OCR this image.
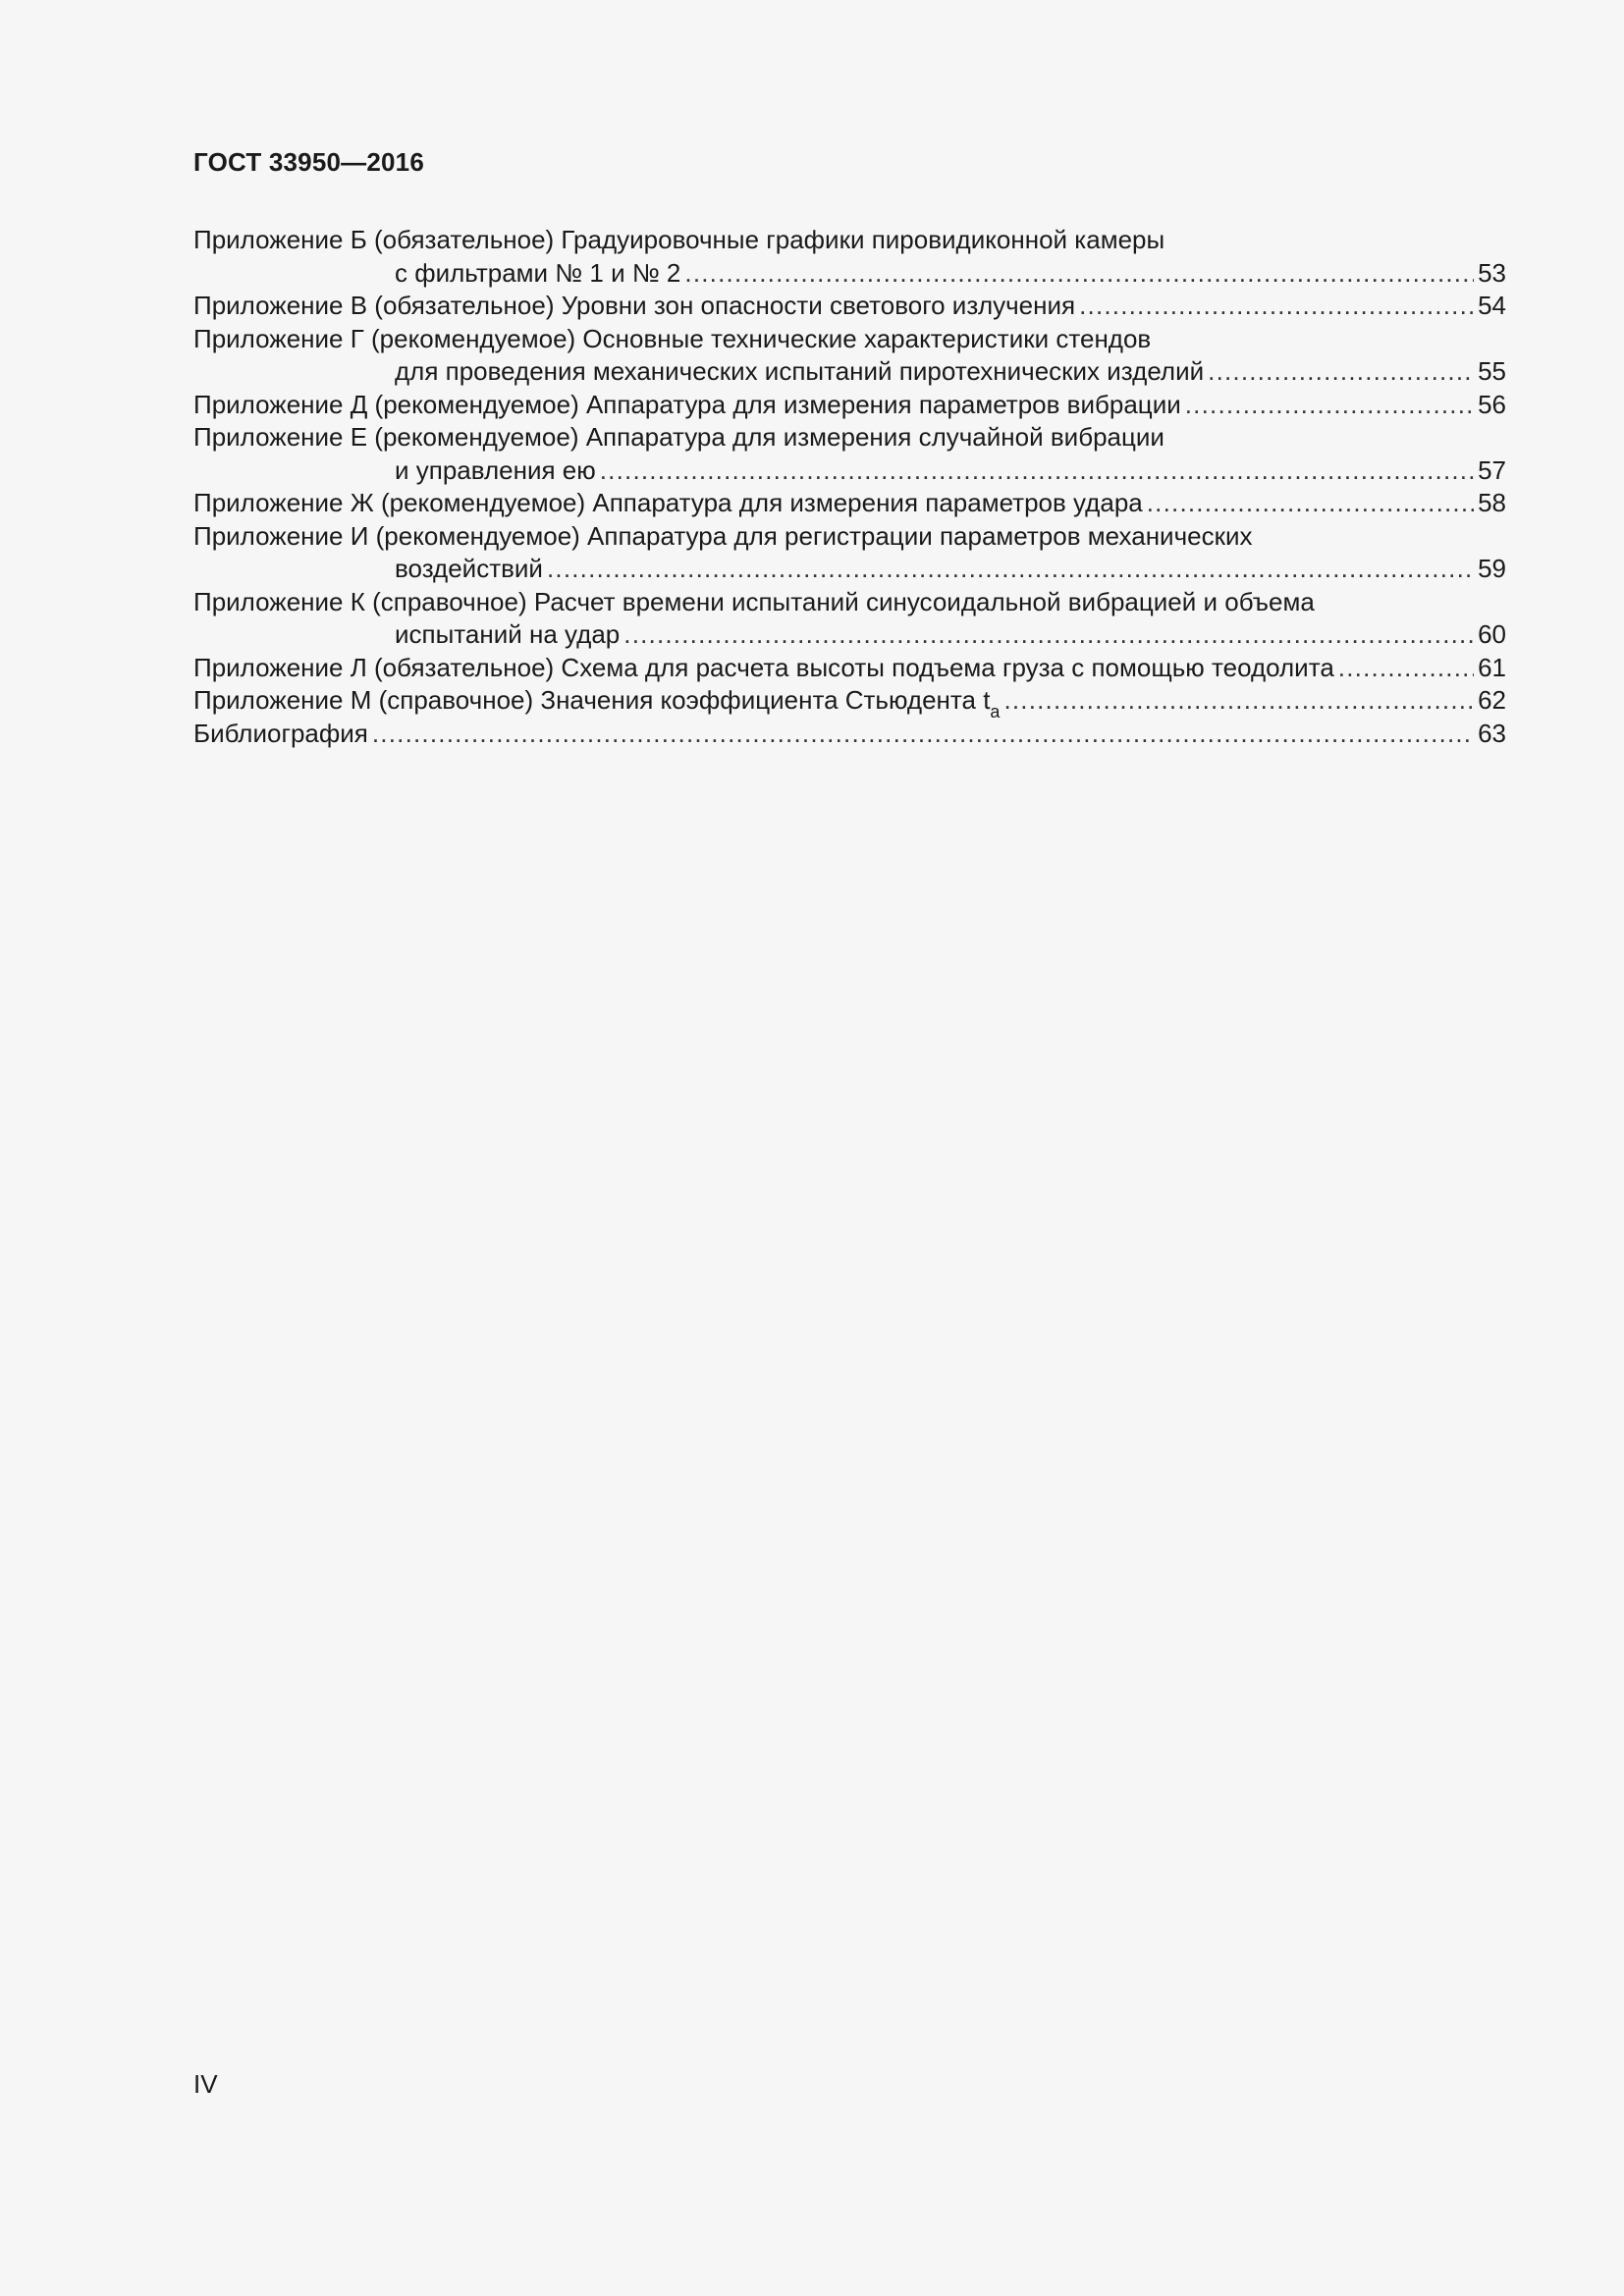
ГОСТ 33950—2016
Приложение Б (обязательное) Градуировочные графики пировидиконной камеры
с фильтрами № 1 и № 2 .....	53
Приложение В (обязательное) Уровни зон опасности светового излучения .....	54
Приложение Г (рекомендуемое) Основные технические характеристики стендов
для проведения механических испытаний пиротехнических изделий .....	55
Приложение Д (рекомендуемое) Аппаратура для измерения параметров вибрации .....	56
Приложение Е (рекомендуемое) Аппаратура для измерения случайной вибрации
и управления ею .....	57
Приложение Ж (рекомендуемое) Аппаратура для измерения параметров удара .....	58
Приложение И (рекомендуемое) Аппаратура для регистрации параметров механических
воздействий .....	59
Приложение К (справочное) Расчет времени испытаний синусоидальной вибрацией и объема
испытаний на удар .....	60
Приложение Л (обязательное) Схема для расчета высоты подъема груза с помощью теодолита .....	61
Приложение М (справочное) Значения коэффициента Стьюдента $t_a$ .....	62
Библиография .....	63
IV
